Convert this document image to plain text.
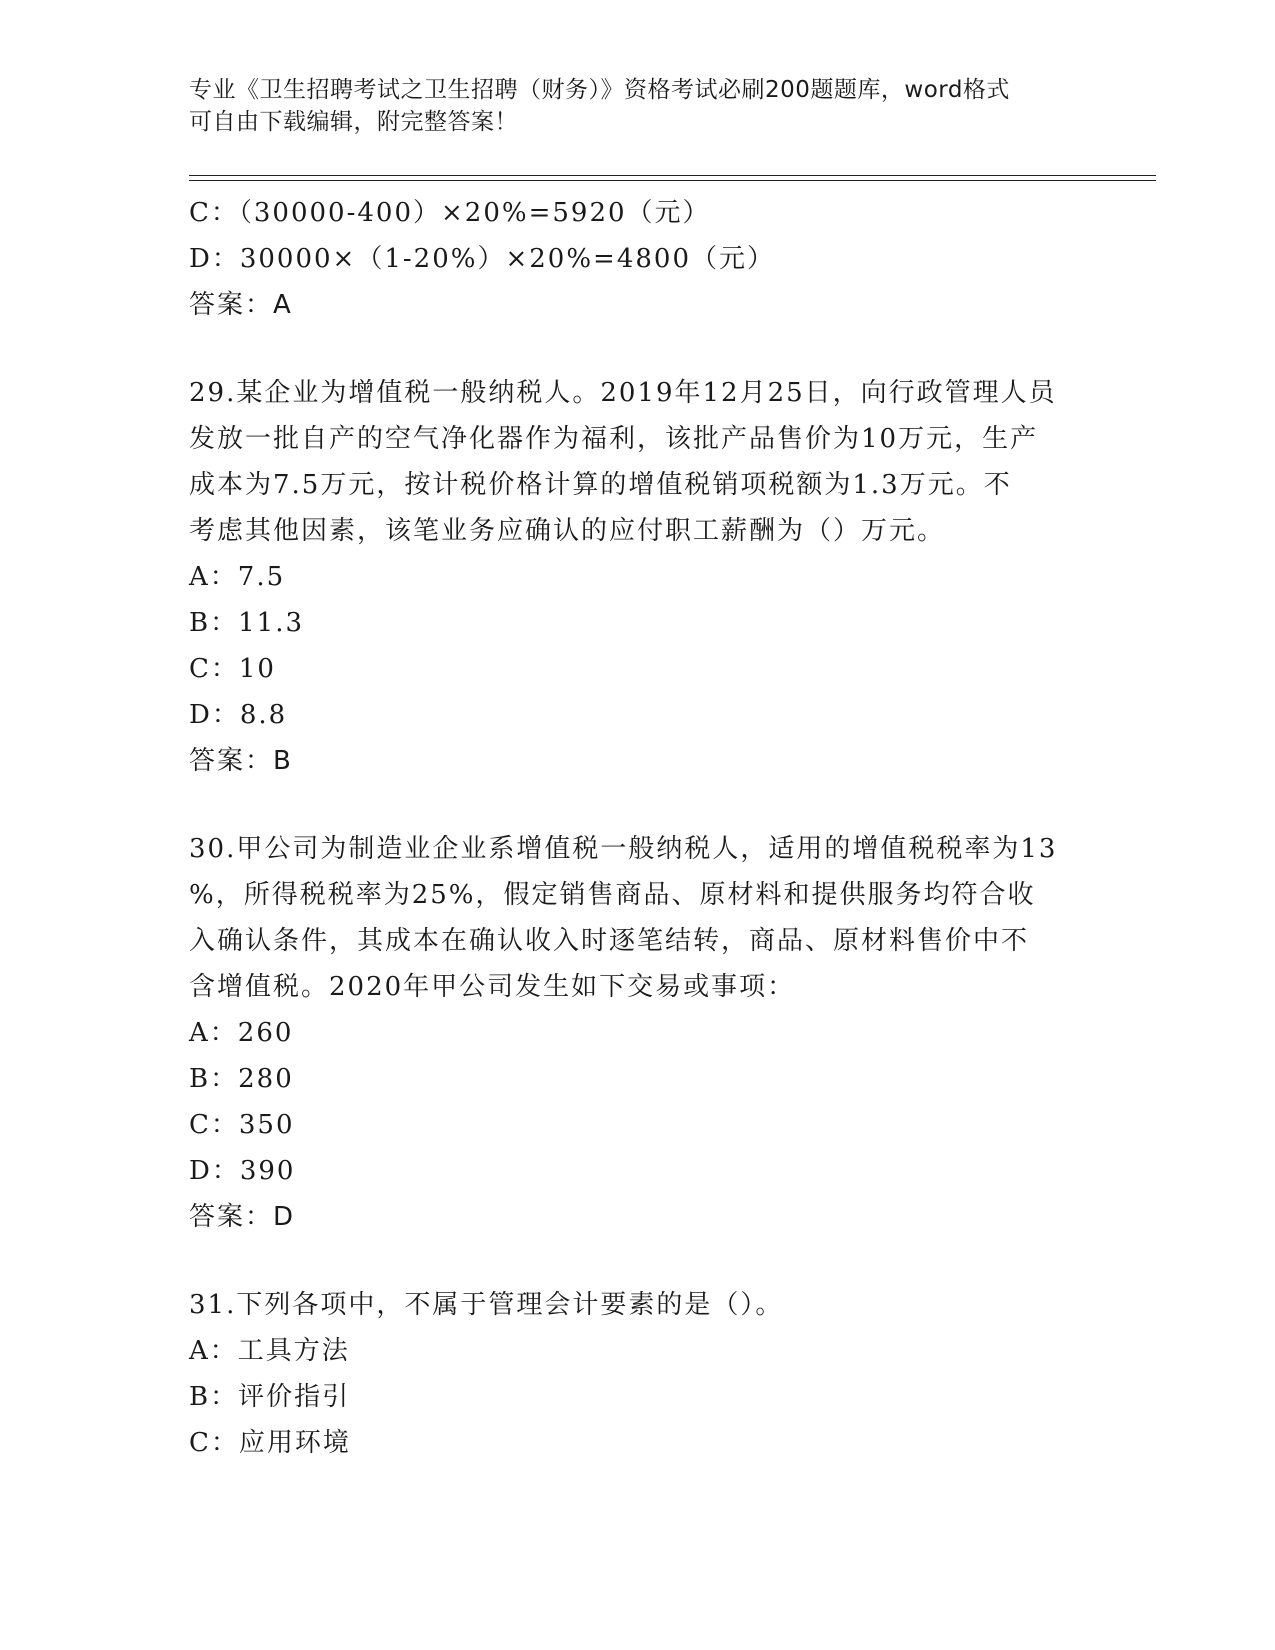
专业《卫生招聘考试之卫生招聘（财务）》资格考试必刷200题题库，word格式
可自由下载编辑，附完整答案！
C：（30000-400）×20%=5920（元）
D：30000×（1-20%）×20%=4800（元）
答案：A
29.某企业为增值税一般纳税人。2019年12月25日，向行政管理人员
发放一批自产的空气净化器作为福利，该批产品售价为10万元，生产
成本为7.5万元，按计税价格计算的增值税销项税额为1.3万元。不
考虑其他因素，该笔业务应确认的应付职工薪酬为（）万元。
A：7.5
B：11.3
C：10
D：8.8
答案：B
30.甲公司为制造业企业系增值税一般纳税人，适用的增值税税率为13
%，所得税税率为25%，假定销售商品、原材料和提供服务均符合收
入确认条件，其成本在确认收入时逐笔结转，商品、原材料售价中不
含增值税。2020年甲公司发生如下交易或事项：
A：260
B：280
C：350
D：390
答案：D
31.下列各项中，不属于管理会计要素的是（）。
A：工具方法
B：评价指引
C：应用环境
